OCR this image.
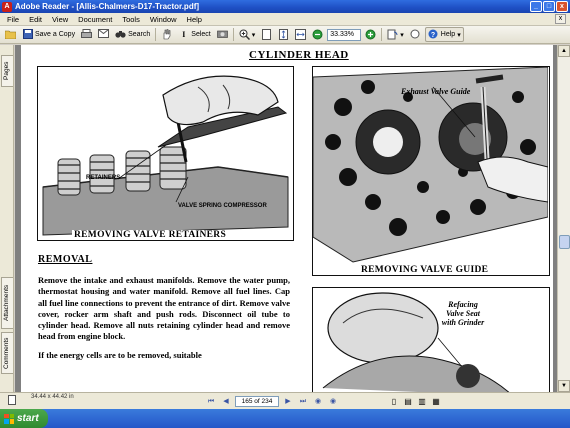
A Adobe Reader - [Allis-Chalmers-D17-Tractor.pdf]	_	□	x
File	Edit	View	Document	Tools	Window	Help	x
Save a Copy	Search	I Select	▾	33.33%	▾	? Help ▾
Pages
Attachments
Comments
CYLINDER HEAD
RETAINERS
VALVE SPRING COMPRESSOR
REMOVING VALVE RETAINERS
Exhaust Valve Guide
REMOVING VALVE GUIDE
Refacing
Valve Seat
with Grinder
REMOVAL

Remove the intake and exhaust manifolds. Remove the water pump, thermostat housing and water manifold. Remove all fuel lines. Cap all fuel line connections to prevent the entrance of dirt. Remove valve cover, rocker arm shaft and push rods. Disconnect oil tube to cylinder head. Remove all nuts retaining cylinder head and remove head from engine block.

If the energy cells are to be removed, suitable

▲
▼
34.44 x 44.42 in
⏮	◀	165 of 234	▶	⏭	◉	◉	▯	▤ ▥ ▦
start
